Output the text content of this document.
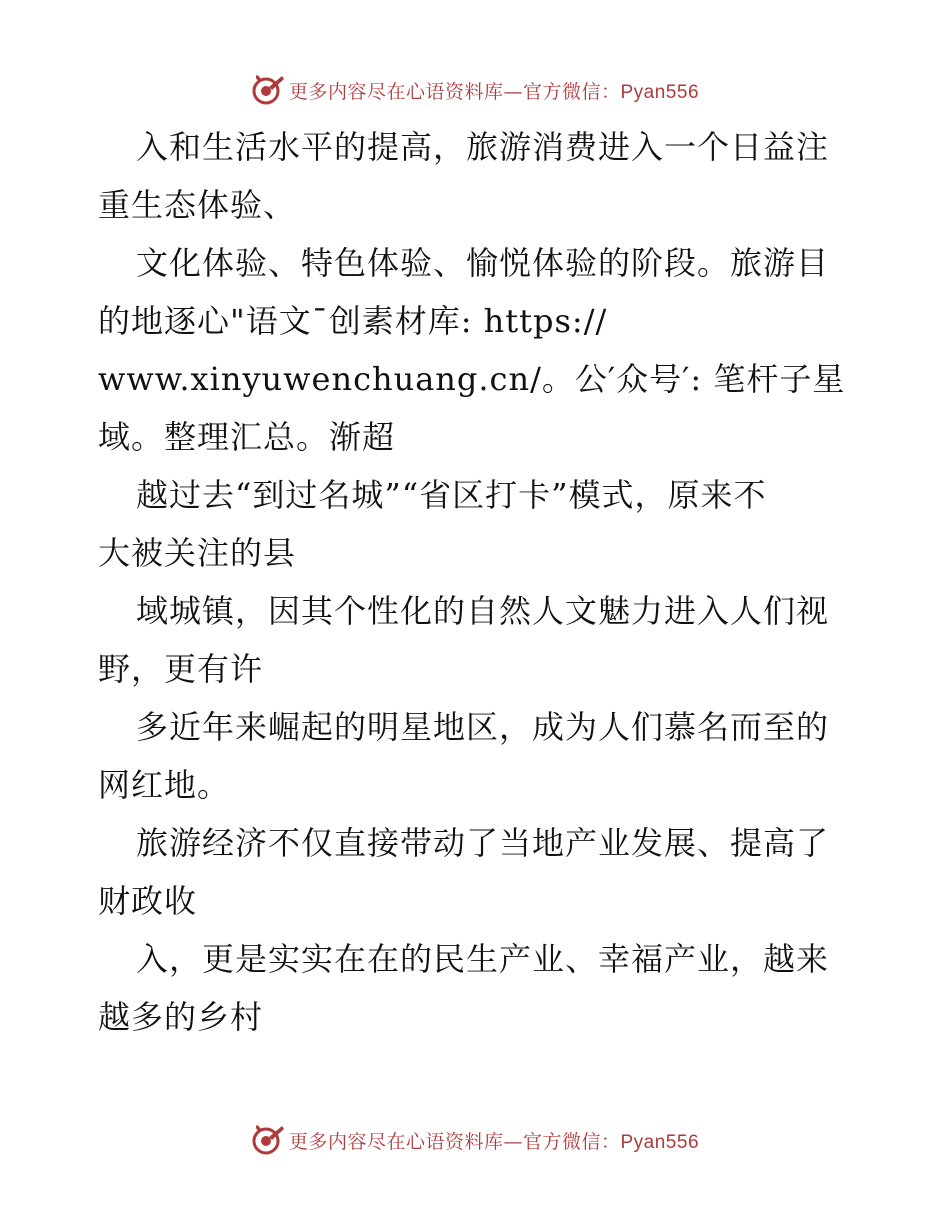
更多内容尽在心语资料库—官方微信：Pyan556
入和生活水平的提高，旅游消费进入一个日益注
重生态体验、
文化体验、特色体验、愉悦体验的阶段。旅游目
的地逐心"语文¯创素材库: https://
www.xinyuwenchuang.cn/。公′众号′: 笔杆子星
域。整理汇总。渐超
越过去“到过名城”“省区打卡”模式，原来不
大被关注的县
域城镇，因其个性化的自然人文魅力进入人们视
野，更有许
多近年来崛起的明星地区，成为人们慕名而至的
网红地。
旅游经济不仅直接带动了当地产业发展、提高了
财政收
入，更是实实在在的民生产业、幸福产业，越来
越多的乡村
更多内容尽在心语资料库—官方微信：Pyan556
